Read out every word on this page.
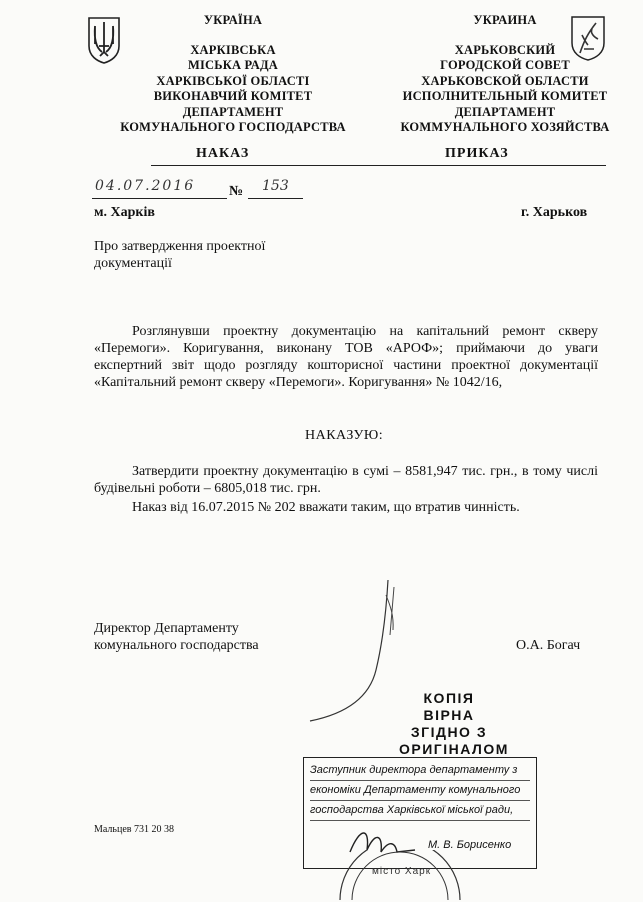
УКРАЇНА
ХАРКІВСЬКА
МІСЬКА РАДА
ХАРКІВСЬКОЇ ОБЛАСТІ
ВИКОНАВЧИЙ КОМІТЕТ
ДЕПАРТАМЕНТ
КОМУНАЛЬНОГО ГОСПОДАРСТВА
УКРАИНА
ХАРЬКОВСКИЙ
ГОРОДСКОЙ СОВЕТ
ХАРЬКОВСКОЙ ОБЛАСТИ
ИСПОЛНИТЕЛЬНЫЙ КОМИТЕТ
ДЕПАРТАМЕНТ
КОММУНАЛЬНОГО ХОЗЯЙСТВА
НАКАЗ	ПРИКАЗ
04.07.2016 № 153
м. Харків	г. Харьков
Про затвердження проектної
документації
Розглянувши проектну документацію на капітальний ремонт скверу «Перемоги». Коригування, виконану ТОВ «АРОФ»; приймаючи до уваги експертний звіт щодо розгляду кошторисної частини проектної документації «Капітальний ремонт скверу «Перемоги». Коригування» № 1042/16,
НАКАЗУЮ:
Затвердити проектну документацію в сумі – 8581,947 тис. грн., в тому числі будівельні роботи – 6805,018 тис. грн.
Наказ від 16.07.2015 № 202 вважати таким, що втратив чинність.
Директор Департаменту
комунального господарства	О.А. Богач
КОПІЯ ВІРНА
ЗГІДНО З
ОРИГІНАЛОМ
Заступник директора департаменту з
економіки Департаменту комунального
господарства Харківської міської ради,
М. В. Борисенко
місто Харк
Мальцев 731 20 38
